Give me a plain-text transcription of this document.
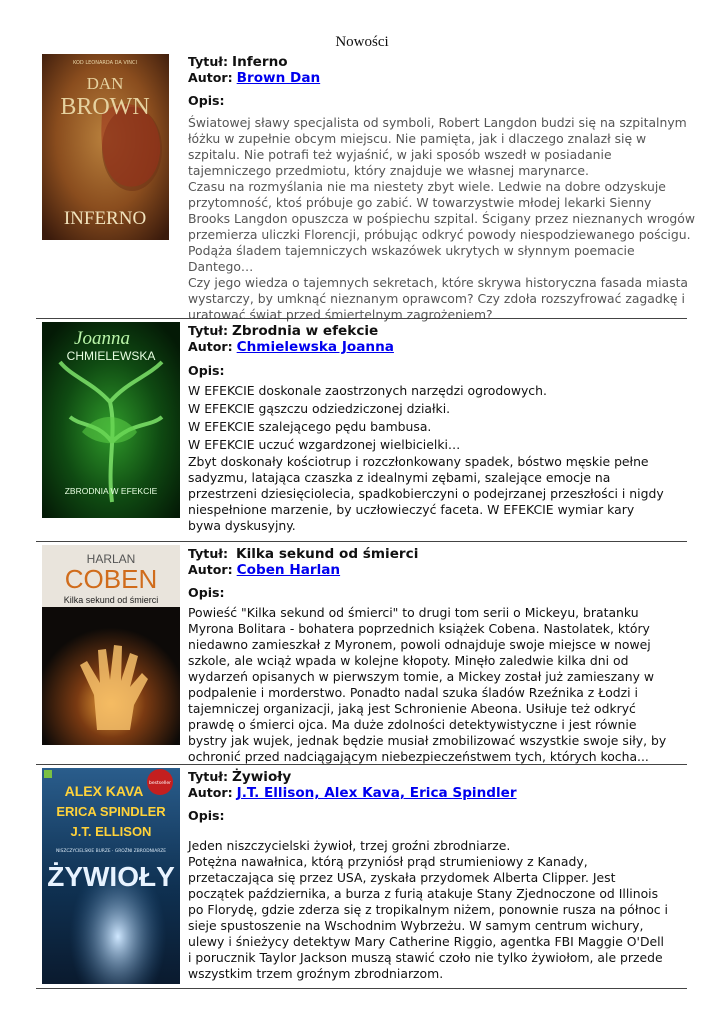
Nowości
KOD LEONARDA DA VINCI
DAN
BROWN
INFERNO
Tytuł: Inferno
Autor: Brown Dan
Opis:

Światowej sławy specjalista od symboli, Robert Langdon budzi się na szpitalnym

łóżku w zupełnie obcym miejscu. Nie pamięta, jak i dlaczego znalazł się w

szpitalu. Nie potrafi też wyjaśnić, w jaki sposób wszedł w posiadanie

tajemniczego przedmiotu, który znajduje we własnej marynarce.

Czasu na rozmyślania nie ma niestety zbyt wiele. Ledwie na dobre odzyskuje

przytomność, ktoś próbuje go zabić. W towarzystwie młodej lekarki Sienny

Brooks Langdon opuszcza w pośpiechu szpital. Ścigany przez nieznanych wrogów

przemierza uliczki Florencji, próbując odkryć powody niespodziewanego pościgu.

Podąża śladem tajemniczych wskazówek ukrytych w słynnym poemacie

Dantego…

Czy jego wiedza o tajemnych sekretach, które skrywa historyczna fasada miasta

wystarczy, by umknąć nieznanym oprawcom? Czy zdoła rozszyfrować zagadkę i

uratować świat przed śmiertelnym zagrożeniem?

Joanna
CHMIELEWSKA
ZBRODNIA W EFEKCIE
Tytuł: Zbrodnia w efekcie
Autor: Chmielewska Joanna
Opis:

W EFEKCIE doskonale zaostrzonych narzędzi ogrodowych.

W EFEKCIE gąszczu odziedziczonej działki.

W EFEKCIE szalejącego pędu bambusa.

W EFEKCIE uczuć wzgardzonej wielbicielki…

Zbyt doskonały kościotrup i rozczłonkowany spadek, bóstwo męskie pełne

sadyzmu, latająca czaszka z idealnymi zębami, szalejące emocje na

przestrzeni dziesięciolecia, spadkobierczyni o podejrzanej przeszłości i nigdy

niespełnione marzenie, by uczłowieczyć faceta. W EFEKCIE wymiar kary

bywa dyskusyjny.

HARLAN
COBEN
Kilka sekund od śmierci
Tytuł: Kilka sekund od śmierci
Autor: Coben Harlan
Opis:

Powieść "Kilka sekund od śmierci" to drugi tom serii o Mickeyu, bratanku

Myrona Bolitara - bohatera poprzednich książek Cobena. Nastolatek, który

niedawno zamieszkał z Myronem, powoli odnajduje swoje miejsce w nowej

szkole, ale wciąż wpada w kolejne kłopoty. Minęło zaledwie kilka dni od

wydarzeń opisanych w pierwszym tomie, a Mickey został już zamieszany w

podpalenie i morderstwo. Ponadto nadal szuka śladów Rzeźnika z Łodzi i

tajemniczej organizacji, jaką jest Schronienie Abeona. Usiłuje też odkryć

prawdę o śmierci ojca. Ma duże zdolności detektywistyczne i jest równie

bystry jak wujek, jednak będzie musiał zmobilizować wszystkie swoje siły, by

ochronić przed nadciągającym niebezpieczeństwem tych, których kocha...

bestseller
ALEX KAVA
ERICA SPINDLER
J.T. ELLISON
NISZCZYCIELSKIE BURZE · GROŹNI ZBRODNIARZE
ŻYWIOŁY
Tytuł: Żywioły
Autor: J.T. Ellison, Alex Kava, Erica Spindler
Opis:

Jeden niszczycielski żywioł, trzej groźni zbrodniarze.

Potężna nawałnica, którą przyniósł prąd strumieniowy z Kanady,

przetaczająca się przez USA, zyskała przydomek Alberta Clipper. Jest

początek października, a burza z furią atakuje Stany Zjednoczone od Illinois

po Florydę, gdzie zderza się z tropikalnym niżem, ponownie rusza na północ i

sieje spustoszenie na Wschodnim Wybrzeżu. W samym centrum wichury,

ulewy i śnieżycy detektyw Mary Catherine Riggio, agentka FBI Maggie O'Dell

i porucznik Taylor Jackson muszą stawić czoło nie tylko żywiołom, ale przede

wszystkim trzem groźnym zbrodniarzom.
